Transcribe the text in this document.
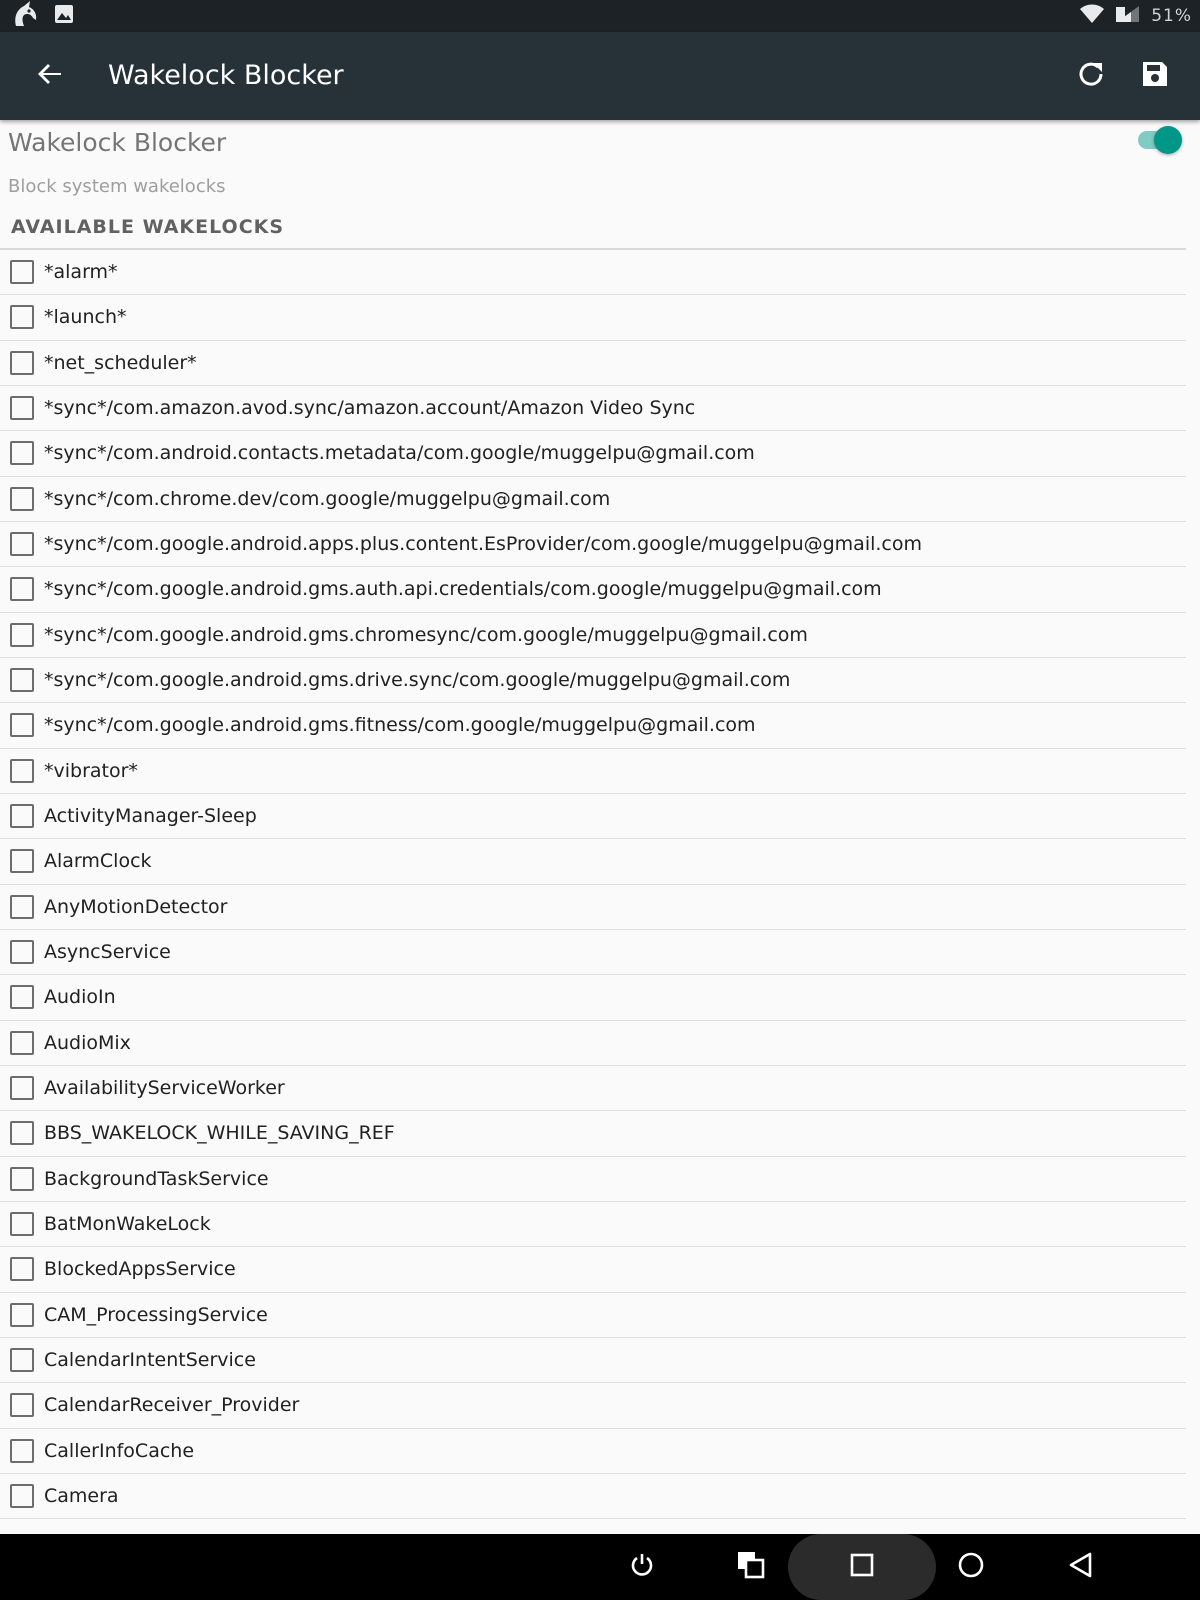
51%
Wakelock Blocker
Wakelock Blocker
Block system wakelocks
AVAILABLE WAKELOCKS
*alarm*
*launch*
*net_scheduler*
*sync*/com.amazon.avod.sync/amazon.account/Amazon Video Sync
*sync*/com.android.contacts.metadata/com.google/muggelpu@gmail.com
*sync*/com.chrome.dev/com.google/muggelpu@gmail.com
*sync*/com.google.android.apps.plus.content.EsProvider/com.google/muggelpu@gmail.com
*sync*/com.google.android.gms.auth.api.credentials/com.google/muggelpu@gmail.com
*sync*/com.google.android.gms.chromesync/com.google/muggelpu@gmail.com
*sync*/com.google.android.gms.drive.sync/com.google/muggelpu@gmail.com
*sync*/com.google.android.gms.fitness/com.google/muggelpu@gmail.com
*vibrator*
ActivityManager-Sleep
AlarmClock
AnyMotionDetector
AsyncService
AudioIn
AudioMix
AvailabilityServiceWorker
BBS_WAKELOCK_WHILE_SAVING_REF
BackgroundTaskService
BatMonWakeLock
BlockedAppsService
CAM_ProcessingService
CalendarIntentService
CalendarReceiver_Provider
CallerInfoCache
Camera
